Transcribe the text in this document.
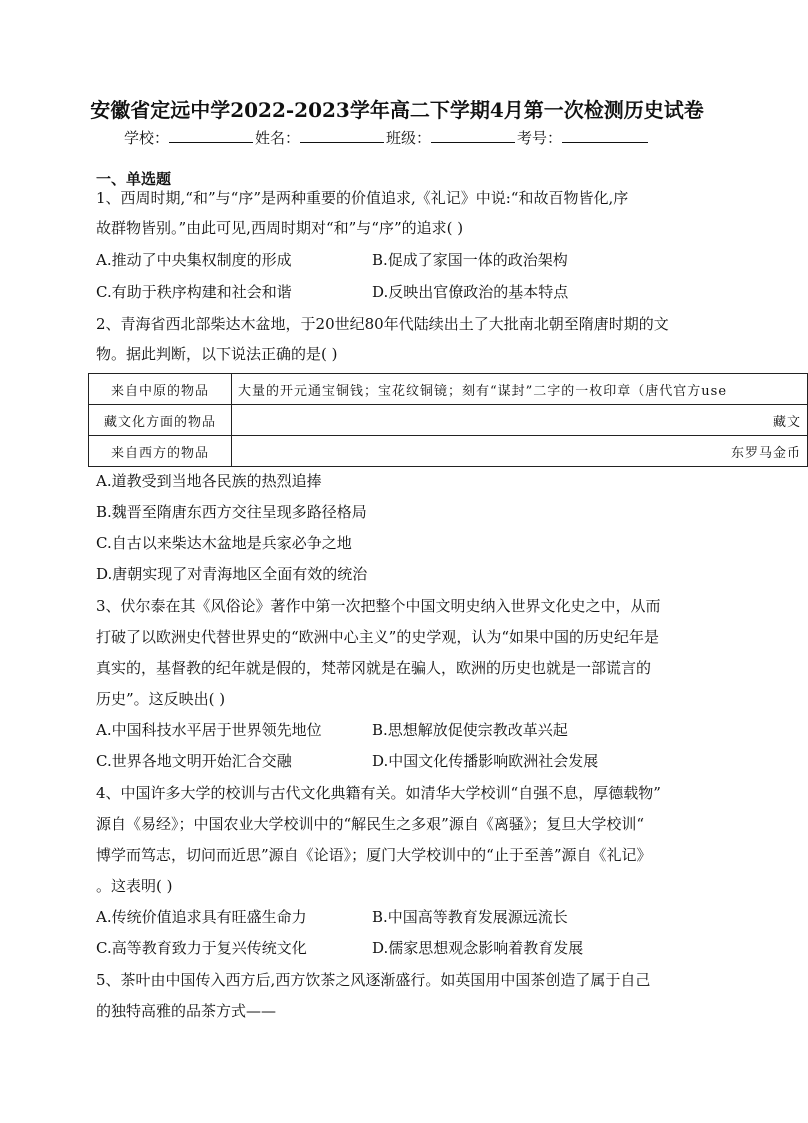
安徽省定远中学2022-2023学年高二下学期4月第一次检测历史试卷
学校：	姓名：	班级：	考号：
一、单选题
1、西周时期,“和”与“序”是两种重要的价值追求,《礼记》中说:“和故百物皆化,序
故群物皆别。”由此可见,西周时期对“和”与“序”的追求( )
A.推动了中央集权制度的形成	B.促成了家国一体的政治架构
C.有助于秩序构建和社会和谐	D.反映出官僚政治的基本特点
2、青海省西北部柴达木盆地，于20世纪80年代陆续出土了大批南北朝至隋唐时期的文
物。据此判断，以下说法正确的是( )
来自中原的物品	大量的开元通宝铜钱；宝花纹铜镜；刻有“谋封”二字的一枚印章（唐代官方use
藏文化方面的物品	藏文
来自西方的物品	东罗马金币
A.道教受到当地各民族的热烈追捧
B.魏晋至隋唐东西方交往呈现多路径格局
C.自古以来柴达木盆地是兵家必争之地
D.唐朝实现了对青海地区全面有效的统治
3、伏尔泰在其《风俗论》著作中第一次把整个中国文明史纳入世界文化史之中，从而
打破了以欧洲史代替世界史的“欧洲中心主义”的史学观，认为“如果中国的历史纪年是
真实的，基督教的纪年就是假的，梵蒂冈就是在骗人，欧洲的历史也就是一部谎言的
历史”。这反映出( )
A.中国科技水平居于世界领先地位	B.思想解放促使宗教改革兴起
C.世界各地文明开始汇合交融	D.中国文化传播影响欧洲社会发展
4、中国许多大学的校训与古代文化典籍有关。如清华大学校训“自强不息，厚德载物”
源自《易经》；中国农业大学校训中的“解民生之多艰”源自《离骚》；复旦大学校训“
博学而笃志，切问而近思”源自《论语》；厦门大学校训中的“止于至善”源自《礼记》
。这表明( )
A.传统价值追求具有旺盛生命力	B.中国高等教育发展源远流长
C.高等教育致力于复兴传统文化	D.儒家思想观念影响着教育发展
5、茶叶由中国传入西方后,西方饮茶之风逐渐盛行。如英国用中国茶创造了属于自己
的独特高雅的品茶方式——
